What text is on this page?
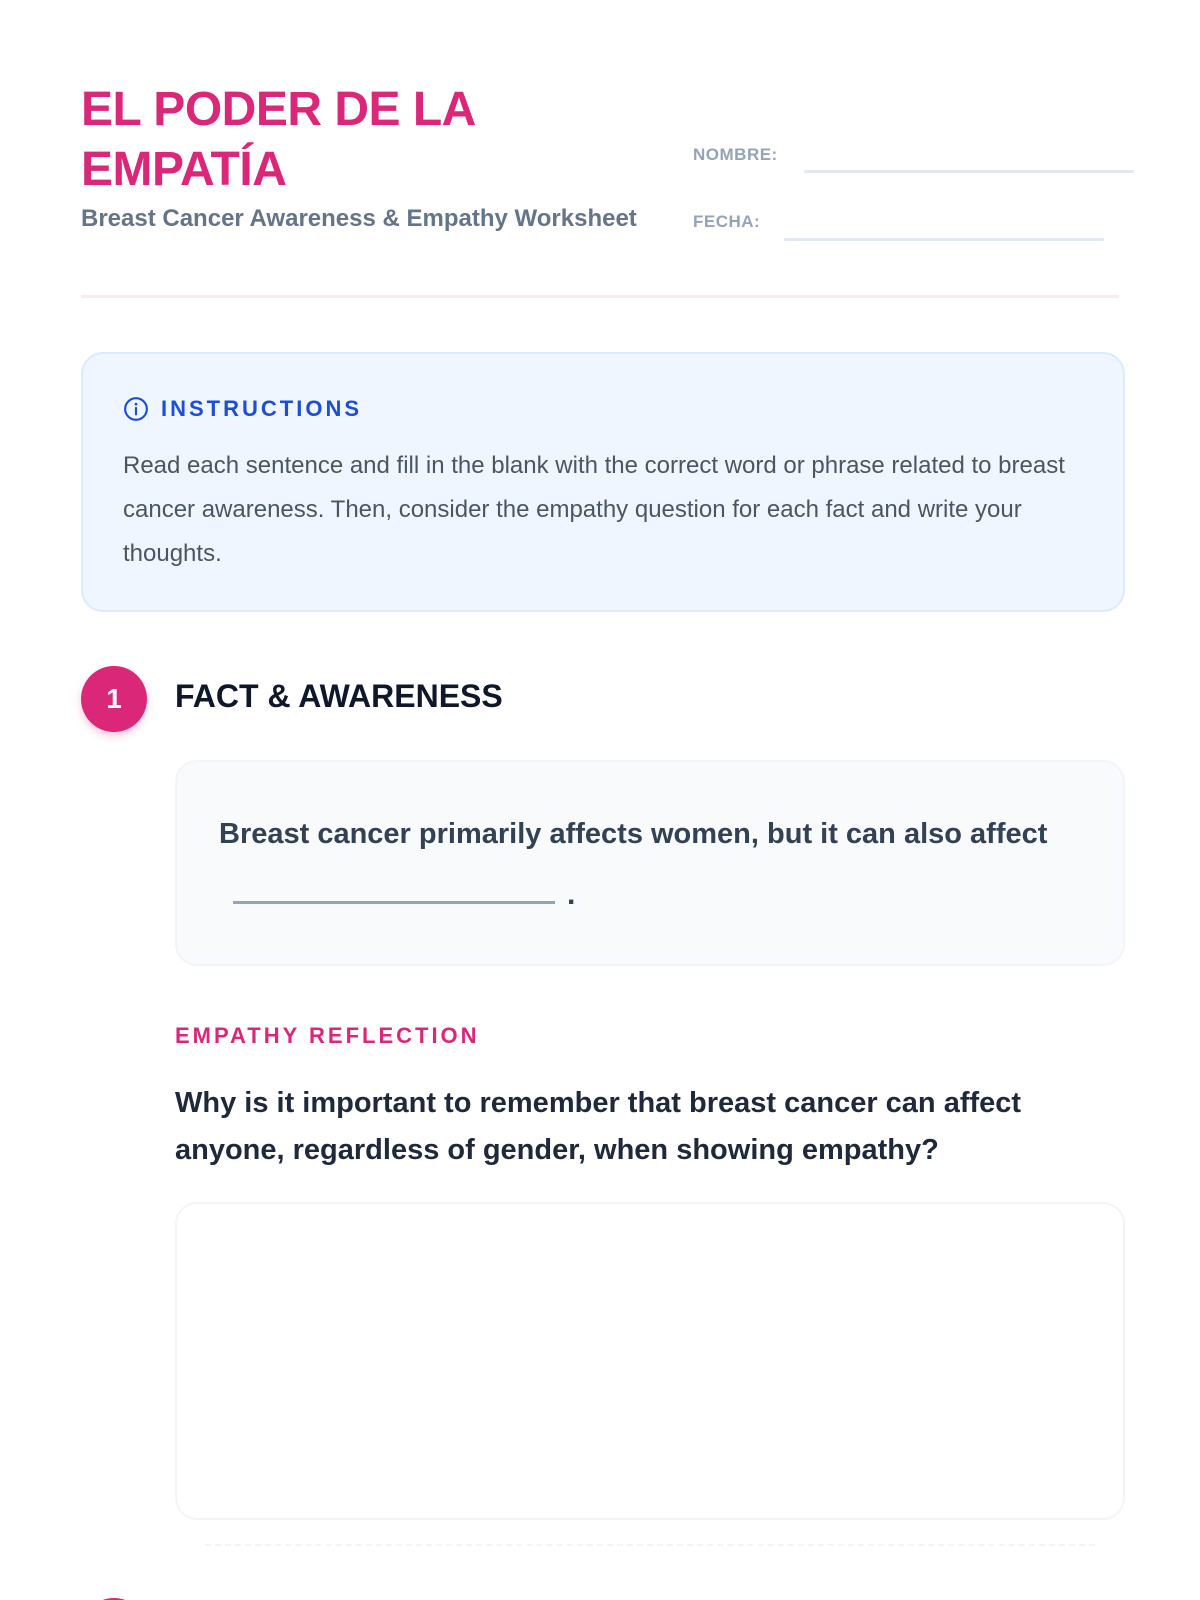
EL PODER DE LA EMPATÍA
Breast Cancer Awareness & Empathy Worksheet
NOMBRE:
FECHA:
INSTRUCTIONS

Read each sentence and fill in the blank with the correct word or phrase related to breast cancer awareness. Then, consider the empathy question for each fact and write your thoughts.

1	FACT & AWARENESS

Breast cancer primarily affects women, but it can also affect

.
EMPATHY REFLECTION

Why is it important to remember that breast cancer can affect anyone, regardless of gender, when showing empathy?
